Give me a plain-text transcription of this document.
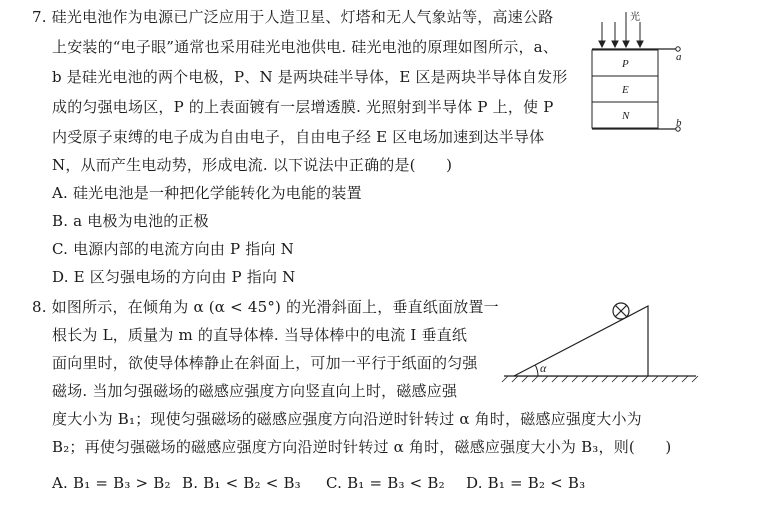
7. 硅光电池作为电源已广泛应用于人造卫星、灯塔和无人气象站等，高速公路
上安装的“电子眼”通常也采用硅光电池供电. 硅光电池的原理如图所示，a、
b 是硅光电池的两个电极，P、N 是两块硅半导体，E 区是两块半导体自发形
成的匀强电场区，P 的上表面镀有一层增透膜. 光照射到半导体 P 上，使 P
内受原子束缚的电子成为自由电子，自由电子经 E 区电场加速到达半导体
N，从而产生电动势，形成电流. 以下说法中正确的是(　　)
A. 硅光电池是一种把化学能转化为电能的装置
B. a 电极为电池的正极
C. 电源内部的电流方向由 P 指向 N
D. E 区匀强电场的方向由 P 指向 N
光
a
P
E
N
b
8. 如图所示，在倾角为 α (α < 45°) 的光滑斜面上，垂直纸面放置一
根长为 L，质量为 m 的直导体棒. 当导体棒中的电流 I 垂直纸
面向里时，欲使导体棒静止在斜面上，可加一平行于纸面的匀强
磁场. 当加匀强磁场的磁感应强度方向竖直向上时，磁感应强
度大小为 B₁；现使匀强磁场的磁感应强度方向沿逆时针转过 α 角时，磁感应强度大小为
B₂；再使匀强磁场的磁感应强度方向沿逆时针转过 α 角时，磁感应强度大小为 B₃，则(　　)
A. B₁ = B₃ > B₂ B. B₁ < B₂ < B₃ C. B₁ = B₃ < B₂ D. B₁ = B₂ < B₃
α
